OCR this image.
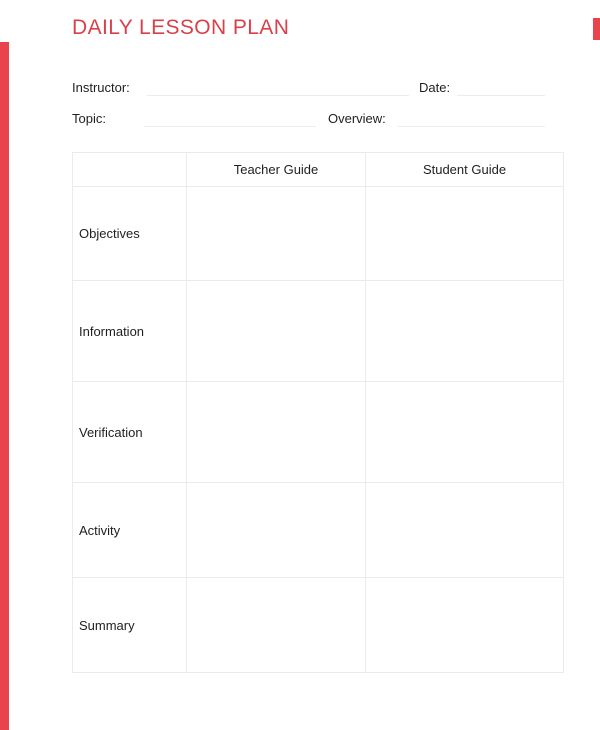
DAILY LESSON PLAN
Instructor:	Date:
Topic:	Overview:
	Teacher Guide	Student Guide
Objectives		
Information		
Verification		
Activity		
Summary		
